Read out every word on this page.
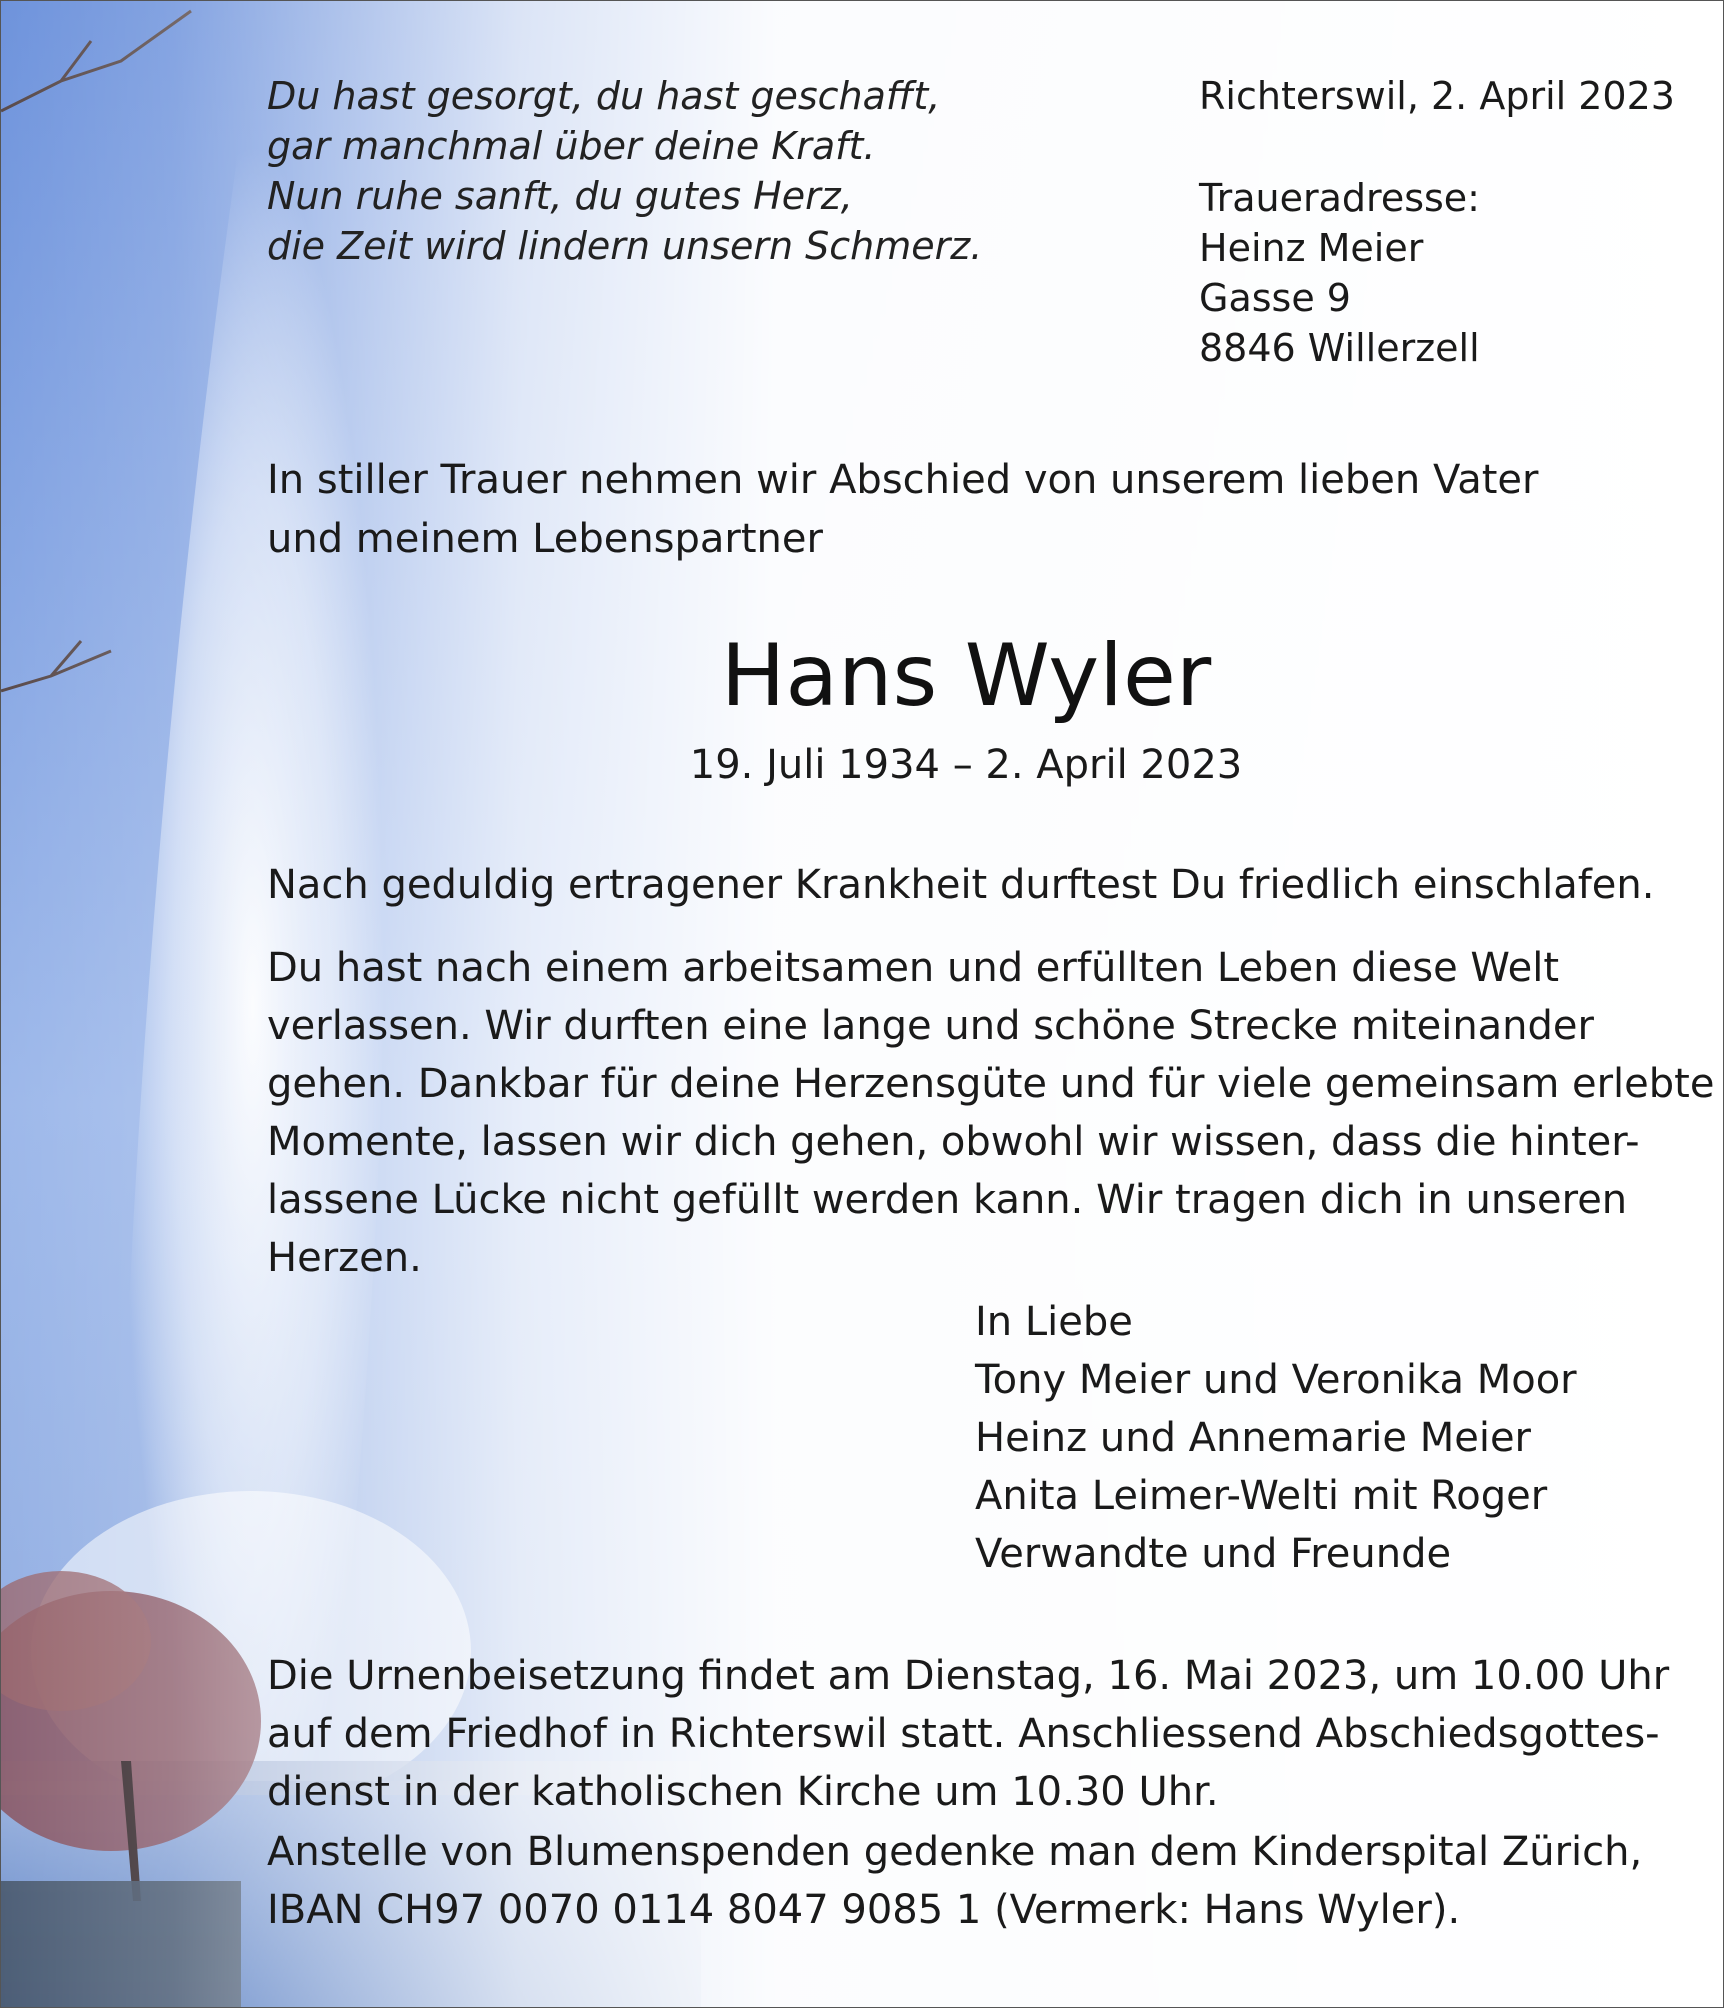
Du hast gesorgt, du hast geschafft,
gar manchmal über deine Kraft.
Nun ruhe sanft, du gutes Herz,
die Zeit wird lindern unsern Schmerz.
Richterswil, 2. April 2023
Traueradresse:
Heinz Meier
Gasse 9
8846 Willerzell
In stiller Trauer nehmen wir Abschied von unserem lieben Vater
und meinem Lebenspartner
Hans Wyler
19. Juli 1934 – 2. April 2023
Nach geduldig ertragener Krankheit durftest Du friedlich einschlafen.
Du hast nach einem arbeitsamen und erfüllten Leben diese Welt
verlassen. Wir durften eine lange und schöne Strecke miteinander
gehen. Dankbar für deine Herzensgüte und für viele gemeinsam erlebte
Momente, lassen wir dich gehen, obwohl wir wissen, dass die hinter-
lassene Lücke nicht gefüllt werden kann. Wir tragen dich in unseren
Herzen.
In Liebe
Tony Meier und Veronika Moor
Heinz und Annemarie Meier
Anita Leimer-Welti mit Roger
Verwandte und Freunde
Die Urnenbeisetzung findet am Dienstag, 16. Mai 2023, um 10.00 Uhr
auf dem Friedhof in Richterswil statt. Anschliessend Abschiedsgottes-
dienst in der katholischen Kirche um 10.30 Uhr.
Anstelle von Blumenspenden gedenke man dem Kinderspital Zürich,
IBAN CH97 0070 0114 8047 9085 1 (Vermerk: Hans Wyler).
